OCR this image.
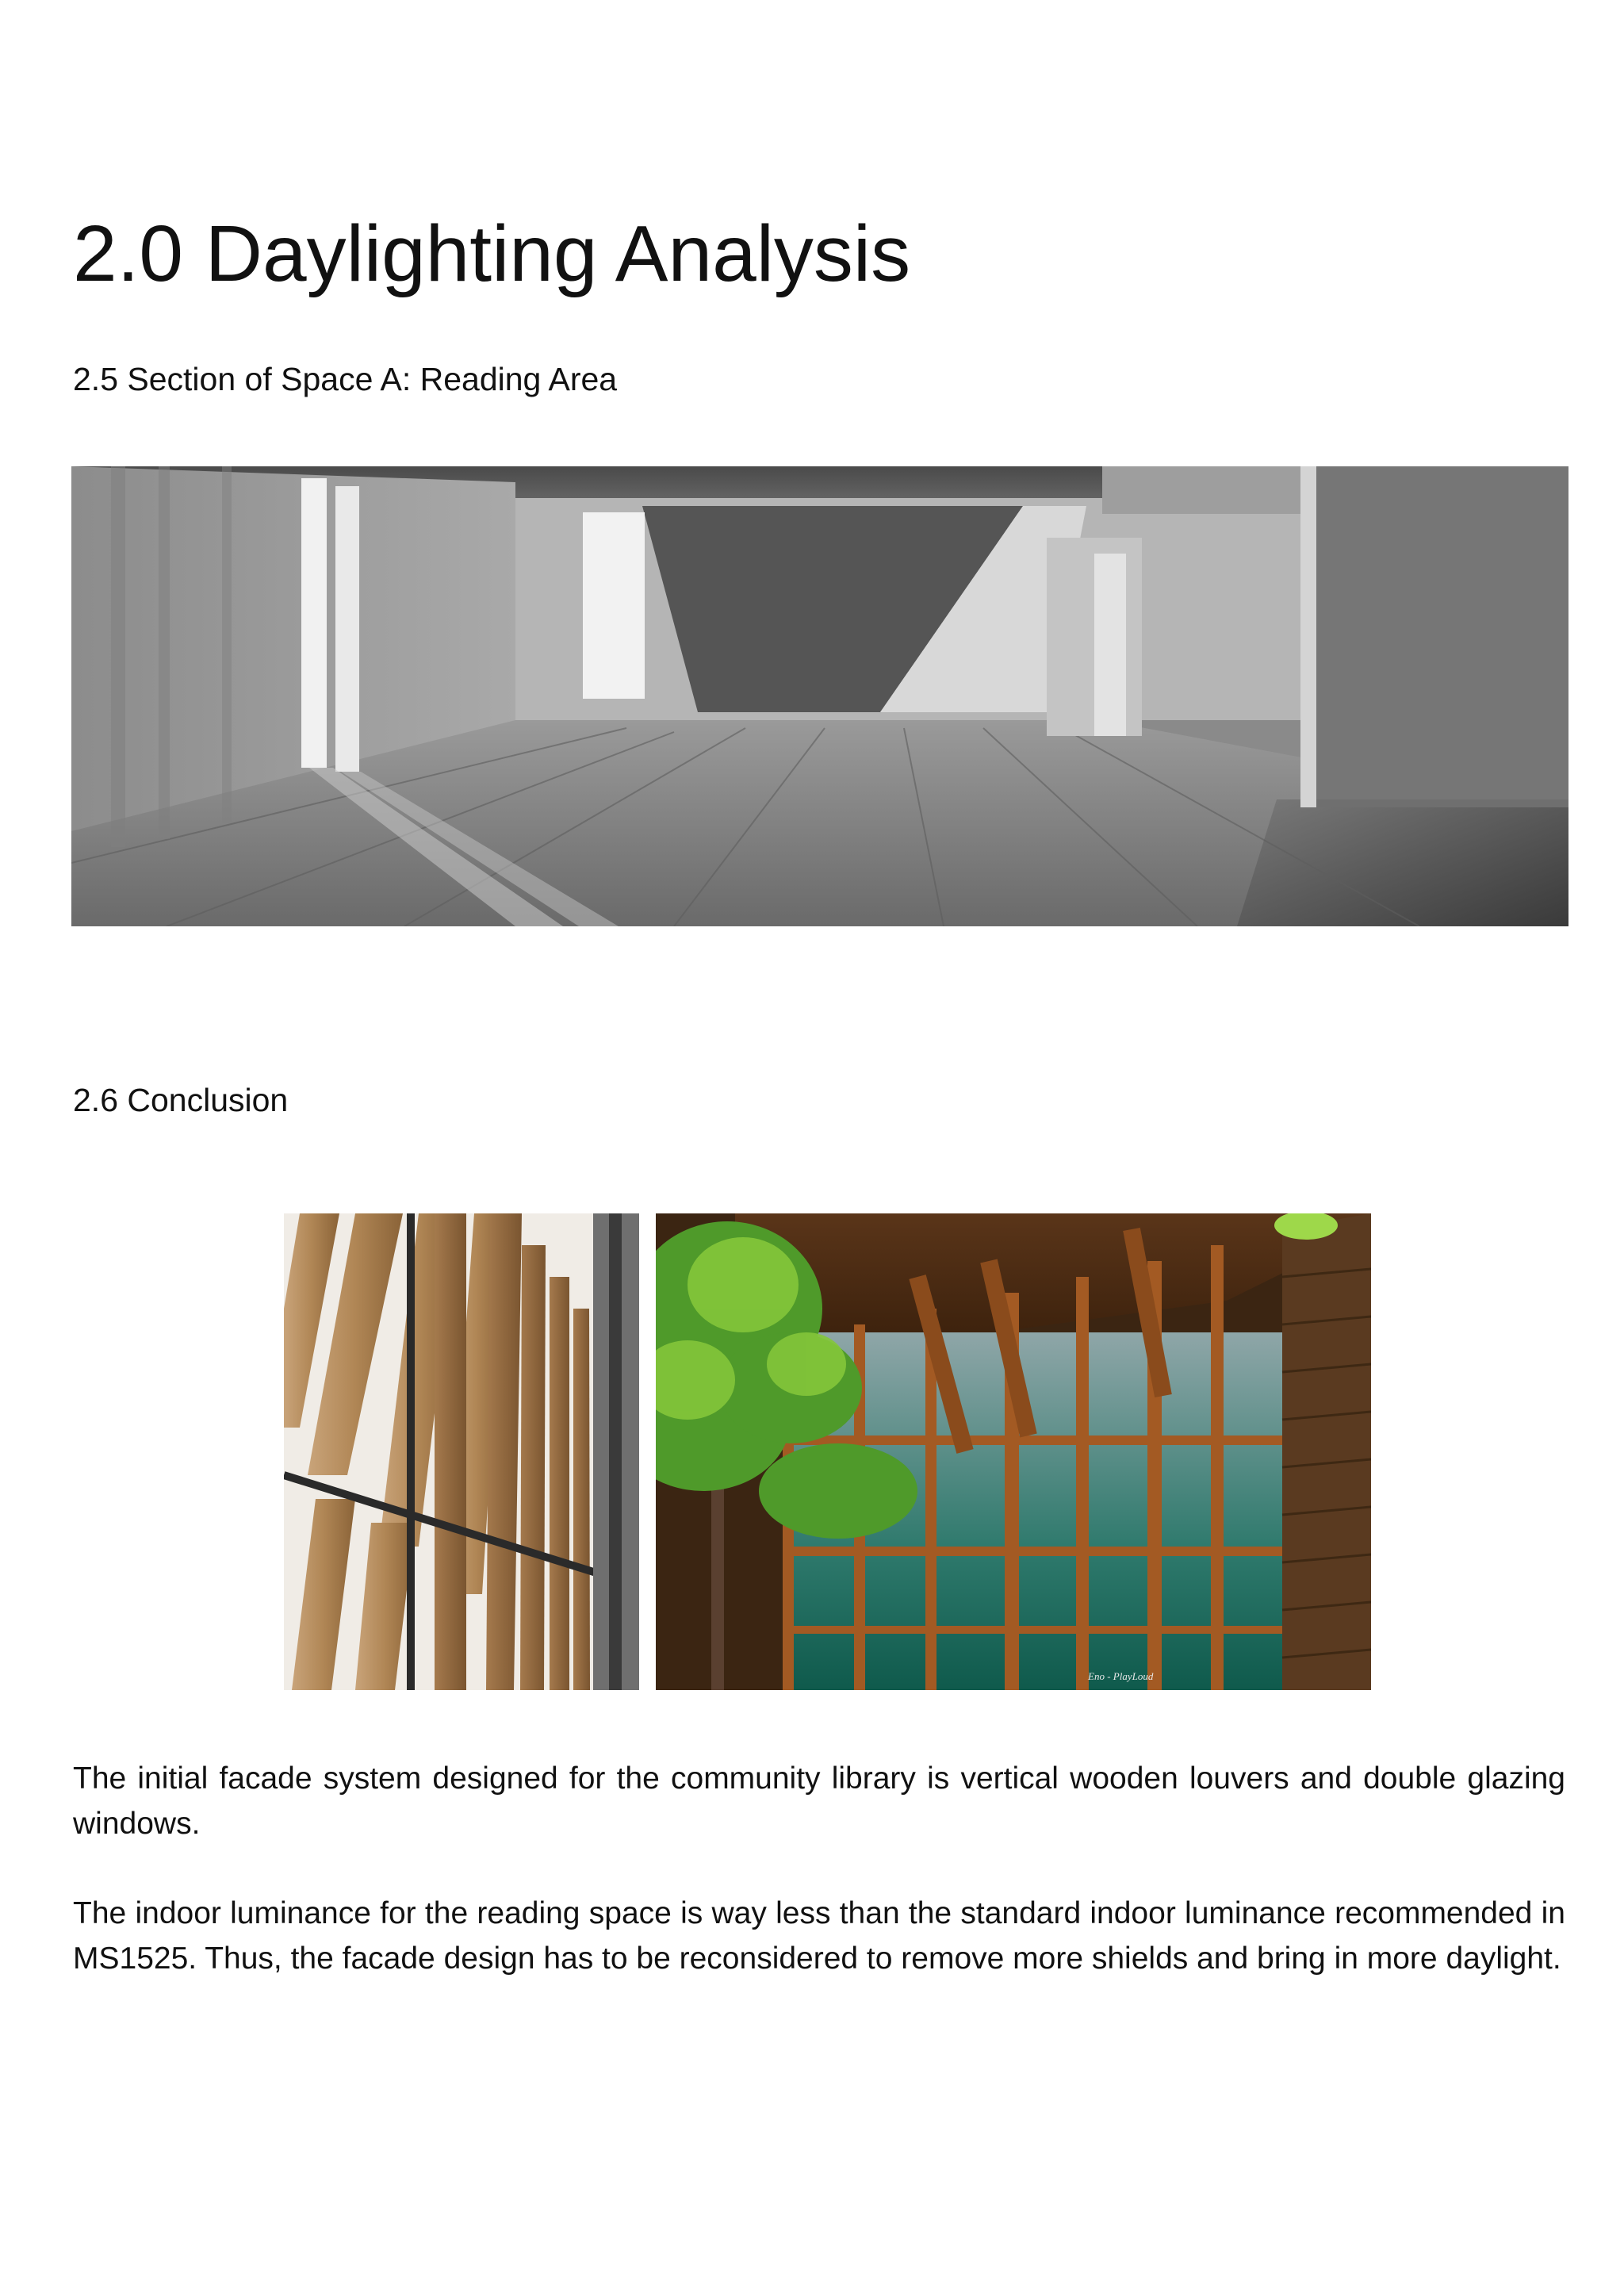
2.0 Daylighting Analysis
2.5 Section of Space A: Reading Area
2.6 Conclusion
Eno - PlayLoud

The initial facade system designed for the community library is vertical wooden louvers and double glazing windows.

The indoor luminance for the reading space is way less than the standard indoor luminance recommended in MS1525. Thus, the facade design has to be reconsidered to remove more shields and bring in more daylight.
